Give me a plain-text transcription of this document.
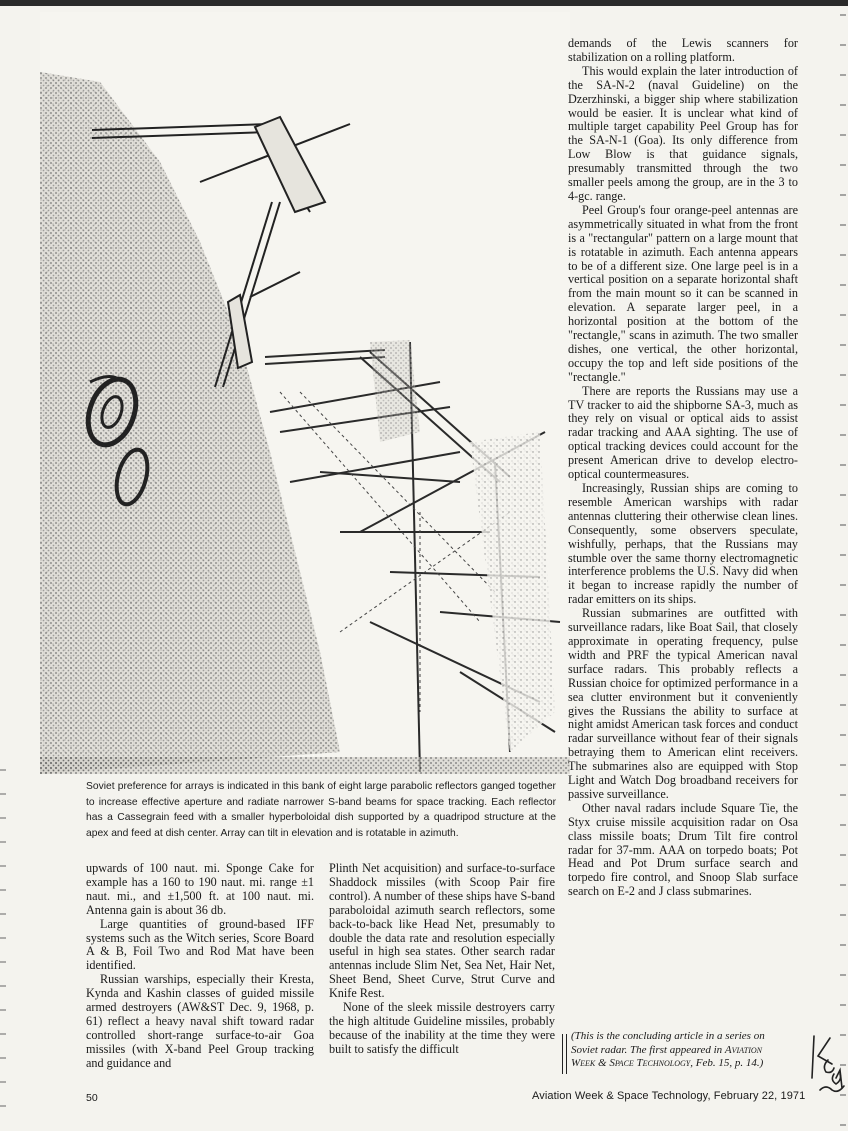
Soviet preference for arrays is indicated in this bank of eight large parabolic reflectors ganged together to increase effective aperture and radiate narrower S-band beams for space tracking. Each reflector has a Cassegrain feed with a smaller hyperboloidal dish supported by a quadripod structure at the apex and feed at dish center. Array can tilt in elevation and is rotatable in azimuth.

demands of the Lewis scanners for stabilization on a rolling platform.

This would explain the later introduction of the SA-N-2 (naval Guideline) on the Dzerzhinski, a bigger ship where stabilization would be easier. It is unclear what kind of multiple target capability Peel Group has for the SA-N-1 (Goa). Its only difference from Low Blow is that guidance signals, presumably transmitted through the two smaller peels among the group, are in the 3 to 4-gc. range.

Peel Group's four orange-peel antennas are asymmetrically situated in what from the front is a "rectangular" pattern on a large mount that is rotatable in azimuth. Each antenna appears to be of a different size. One large peel is in a vertical position on a separate horizontal shaft from the main mount so it can be scanned in elevation. A separate larger peel, in a horizontal position at the bottom of the "rectangle," scans in azimuth. The two smaller dishes, one vertical, the other horizontal, occupy the top and left side positions of the "rectangle."

There are reports the Russians may use a TV tracker to aid the shipborne SA-3, much as they rely on visual or optical aids to assist radar tracking and AAA sighting. The use of optical tracking devices could account for the present American drive to develop electro-optical countermeasures.

Increasingly, Russian ships are coming to resemble American warships with radar antennas cluttering their otherwise clean lines. Consequently, some observers speculate, wishfully, perhaps, that the Russians may stumble over the same thorny electromagnetic interference problems the U.S. Navy did when it began to increase rapidly the number of radar emitters on its ships.

Russian submarines are outfitted with surveillance radars, like Boat Sail, that closely approximate in operating frequency, pulse width and PRF the typical American naval surface radars. This probably reflects a Russian choice for optimized performance in a sea clutter environment but it conveniently gives the Russians the ability to surface at night amidst American task forces and conduct radar surveillance without fear of their signals betraying them to American elint receivers. The submarines also are equipped with Stop Light and Watch Dog broadband receivers for passive surveillance.

Other naval radars include Square Tie, the Styx cruise missile acquisition radar on Osa class missile boats; Drum Tilt fire control radar for 37-mm. AAA on torpedo boats; Pot Head and Pot Drum surface search and torpedo fire control, and Snoop Slab surface search on E-2 and J class submarines.

upwards of 100 naut. mi. Sponge Cake for example has a 160 to 190 naut. mi. range ±1 naut. mi., and ±1,500 ft. at 100 naut. mi. Antenna gain is about 36 db.

Large quantities of ground-based IFF systems such as the Witch series, Score Board A & B, Foil Two and Rod Mat have been identified.

Russian warships, especially their Kresta, Kynda and Kashin classes of guided missile armed destroyers (AW&ST Dec. 9, 1968, p. 61) reflect a heavy naval shift toward radar controlled short-range surface-to-air Goa missiles (with X-band Peel Group tracking and guidance and

Plinth Net acquisition) and surface-to-surface Shaddock missiles (with Scoop Pair fire control). A number of these ships have S-band paraboloidal azimuth search reflectors, some back-to-back like Head Net, presumably to double the data rate and resolution especially useful in high sea states. Other search radar antennas include Slim Net, Sea Net, Hair Net, Sheet Bend, Sheet Curve, Strut Curve and Knife Rest.

None of the sleek missile destroyers carry the high altitude Guideline missiles, probably because of the inability at the time they were built to satisfy the difficult

(This is the concluding article in a series on Soviet radar. The first appeared in Aviation Week & Space Technology, Feb. 15, p. 14.)
50	Aviation Week & Space Technology, February 22, 1971
